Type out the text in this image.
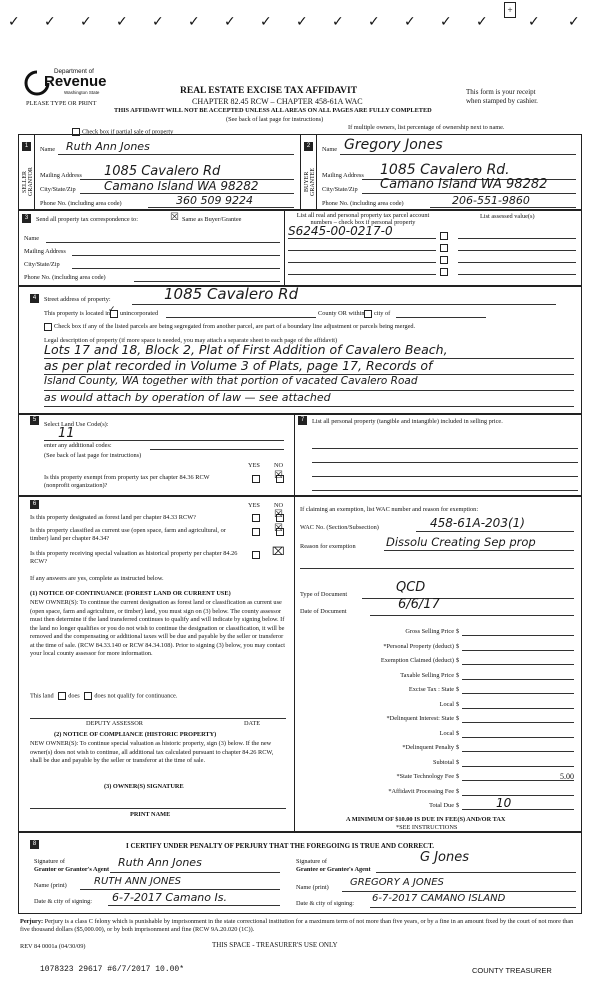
✓ ✓ ✓ ✓ ✓ ✓ ✓ ✓ ✓ ✓ ✓ ✓ ✓ ✓	✓ ✓
+
Department of
Revenue
Washington State
PLEASE TYPE OR PRINT
REAL ESTATE EXCISE TAX AFFIDAVIT
CHAPTER 82.45 RCW – CHAPTER 458-61A WAC
THIS AFFIDAVIT WILL NOT BE ACCEPTED UNLESS ALL AREAS ON ALL PAGES ARE FULLY COMPLETED
(See back of last page for instructions)
This form is your receipt
when stamped by cashier.
Check box if partial sale of property
If multiple owners, list percentage of ownership next to name.
1	2
SELLER GRANTOR	BUYER GRANTEE
Name Ruth Ann Jones
Mailing Address 1085 Cavalero Rd
City/State/Zip Camano Island WA 98282
Phone No. (including area code)	360 509 9224
Name Gregory Jones
Mailing Address 1085 Cavalero Rd.
City/State/Zip Camano Island WA 98282
Phone No. (including area code)	206-551-9860
3	Send all property tax correspondence to:	☒ Same as Buyer/Grantee
Name
Mailing Address
City/State/Zip
Phone No. (including area code)
List all real and personal property tax parcel account numbers – check box if personal property
List assessed value(s)
S6245-00-0217-0
4	Street address of property:	1085 Cavalero Rd
This property is located in
✓ unincorporated	County OR within city of
Check box if any of the listed parcels are being segregated from another parcel, are part of a boundary line adjustment or parcels being merged.
Legal description of property (if more space is needed, you may attach a separate sheet to each page of the affidavit)
Lots 17 and 18, Block 2, Plat of First Addition of Cavalero Beach,
as per plat recorded in Volume 3 of Plats, page 17, Records of
Island County, WA together with that portion of vacated Cavalero Road
as would attach by operation of law — see attached
5
Select Land Use Code(s):
11
enter any additional codes:
(See back of last page for instructions)
YES NO
Is this property exempt from property tax per chapter 84.36 RCW (nonprofit organization)?
☒
7	List all personal property (tangible and intangible) included in selling price.
6	YES NO
Is this property designated as forest land per chapter 84.33 RCW?	☒
Is this property classified as current use (open space, farm and agricultural, or timber) land per chapter 84.34?
☒
Is this property receiving special valuation as historical property per chapter 84.26 RCW?
⌧
If any answers are yes, complete as instructed below.
(1) NOTICE OF CONTINUANCE (FOREST LAND OR CURRENT USE)
NEW OWNER(S): To continue the current designation as forest land or classification as current use (open space, farm and agriculture, or timber) land, you must sign on (3) below. The county assessor must then determine if the land transferred continues to qualify and will indicate by signing below. If the land no longer qualifies or you do not wish to continue the designation or classification, it will be removed and the compensating or additional taxes will be due and payable by the seller or transferor at the time of sale. (RCW 84.33.140 or RCW 84.34.108). Prior to signing (3) below, you may contact your local county assessor for more information.
This land does does not qualify for continuance.
DEPUTY ASSESSOR	DATE
(2) NOTICE OF COMPLIANCE (HISTORIC PROPERTY)
NEW OWNER(S): To continue special valuation as historic property, sign (3) below. If the new owner(s) does not wish to continue, all additional tax calculated pursuant to chapter 84.26 RCW, shall be due and payable by the seller or transferor at the time of sale.
(3) OWNER(S) SIGNATURE
PRINT NAME
If claiming an exemption, list WAC number and reason for exemption:
WAC No. (Section/Subsection)	458-61A-203(1)
Reason for exemption	Dissolu Creating Sep prop
Type of Document	QCD
Date of Document	6/6/17
Gross Selling Price $
*Personal Property (deduct) $
Exemption Claimed (deduct) $
Taxable Selling Price $
Excise Tax : State $
Local $
*Delinquent Interest: State $
Local $
*Delinquent Penalty $
Subtotal $
*State Technology Fee $	5.00
*Affidavit Processing Fee $
Total Due $	10
A MINIMUM OF $10.00 IS DUE IN FEE(S) AND/OR TAX
*SEE INSTRUCTIONS
8	I CERTIFY UNDER PENALTY OF PERJURY THAT THE FOREGOING IS TRUE AND CORRECT.
Signature of
Grantor or Grantor's Agent
Ruth Ann Jones
Name (print)	RUTH ANN JONES
Date & city of signing: 6-7-2017 Camano Is.
Signature of
Grantee or Grantee's Agent
G Jones
Name (print) GREGORY A JONES
Date & city of signing: 6-7-2017 CAMANO ISLAND
Perjury: Perjury is a class C felony which is punishable by imprisonment in the state correctional institution for a maximum term of not more than five years, or by a fine in an amount fixed by the court of not more than five thousand dollars ($5,000.00), or by both imprisonment and fine (RCW 9A.20.020 (1C)).
REV 84 0001a (04/30/09)	THIS SPACE - TREASURER'S USE ONLY
1078323 29617 #6/7/2017 10.00*	COUNTY TREASURER
